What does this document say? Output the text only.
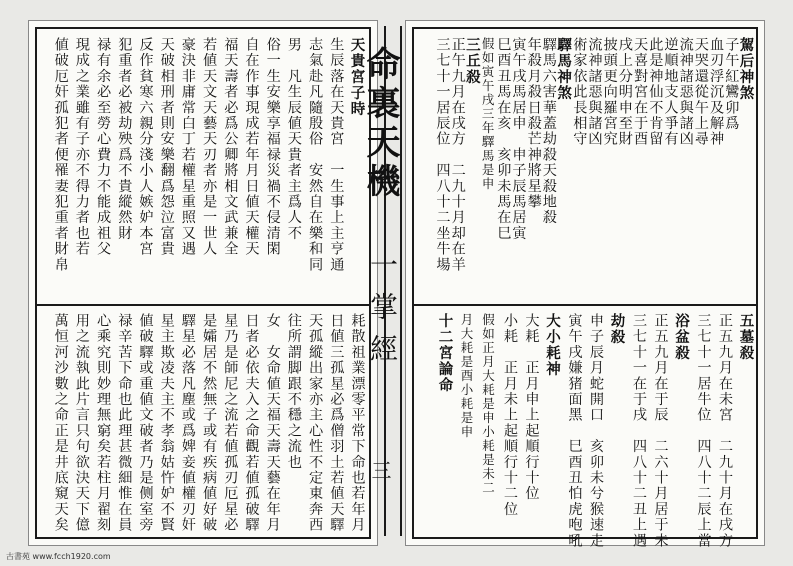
天貴宮子時
生辰落在天貴宮　一生事上主亨通
志氣赴凡隨殷俗　安然自在樂和同
男　凡生辰値天貴者主爲人不
俗一生安樂享福禄災禍不侵清閑
自在作事現成若年月日値天權天
福天壽者必爲公卿將相文武兼全
若値天文天藝天刃者亦是一世人
豪決非庸常白丁若權星重照又遇
天破相刑者則安樂翻爲怨泣富貴
反作貧寒六親分淺小人嫉妒本宮
犯重者必被劫殃爲不貴縱然財
禄有余必至勞心費力不能成祖父
現成之業雖有子亦不得力者也若
値破厄奸孤犯者便罹妻犯重者財帛
耗散祖業漂零平常下命也若年月
日値三孤星必爲僧羽土若値天驛
天孤縱出家亦主心性不定東奔西
往所謂脚跟不穩之流也
女　女命値天福天壽天藝在年月
日者必依夫入之命觀若値孤破驛
星乃是師尼之流若値孤刃厄星必
是孀居不然無子或有疾病値好破
驛星必落凡塵或爲婢妾値權刃奸
星主欺凌夫主不孝翁姑忤妒不賢
値破驛或重値文破者乃是侧室旁
禄辛苦下命也此理甚微細惟在員
心乘究則妙理無窮矣若柱月翟刻
用之流執此片言只句欲決天下億
萬恒河沙數之命正是井底窺天矣
駕后神煞
子午紅鸞卯爲
血刃浮沉及解神
天哭還從午上尋
流神諸惡與諸凶
逆順地支人爭有
此是神仙不肯留
天喜對宮在于酉
戌上分明申至財
披頭更向羅宮究
流神諸惡與諸凶
術家依此長相守
驛馬神煞
驛馬六害華蓋劫殺天殺地殺
年殺月殺日殺芒神將星攀
寅午戌馬居申　申子辰馬居寅
巳酉丑馬在亥　亥卯未馬在巳
假如寅午戌三年驛馬是申
三丘殺
正午九月在戌方　二九十月却在羊
三七十一居辰位　四八十二坐牛場
五墓殺
正五九月在未宮　二九十月在戌方
三七十一居牛位　四八十二辰上當
浴盆殺
正五九月在于辰　二六十月居于未
三七十一在于戌　四八十二丑上遇
劫殺
申子辰月蛇開口　亥卯未兮猴速走
寅午戌嫌猪面黑　巳酉丑怕虎咆吼
大小耗神
大耗　正月申上起順行十位
小耗　正月未上起順行十二位
假如正月大耗是申小耗是未二
月大耗是酉小耗是申
十二宮論命
命裏天機
一掌經
三
古書苑 www.fcch1920.com
